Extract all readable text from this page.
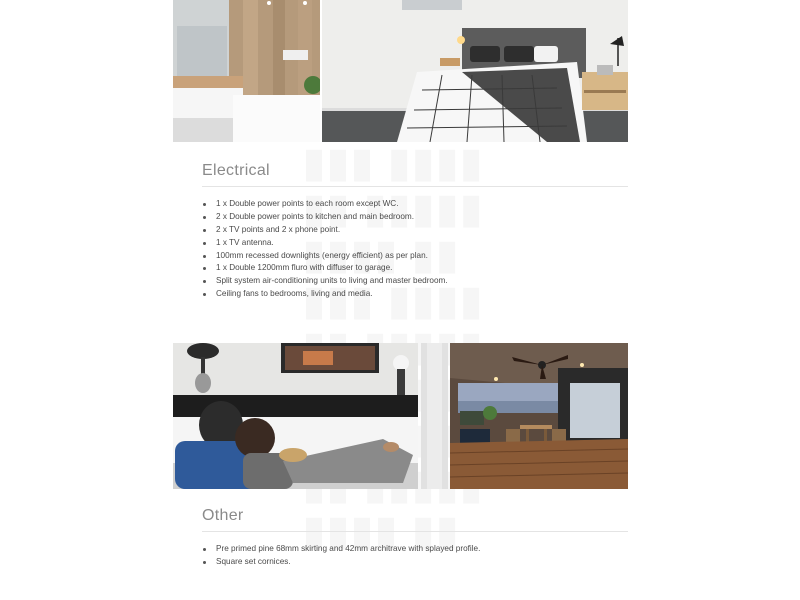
Electrical
1 x Double power points to each room except WC.
2 x Double power points to kitchen and main bedroom.
2 x TV points and 2 x phone point.
1 x TV antenna.
100mm recessed downlights (energy efficient) as per plan.
1 x Double 1200mm fluro with diffuser to garage.
Split system air-conditioning units to living and master bedroom.
Ceiling fans to bedrooms, living and media.
Other
Pre primed pine 68mm skirting and 42mm architrave with splayed profile.
Square set cornices.
